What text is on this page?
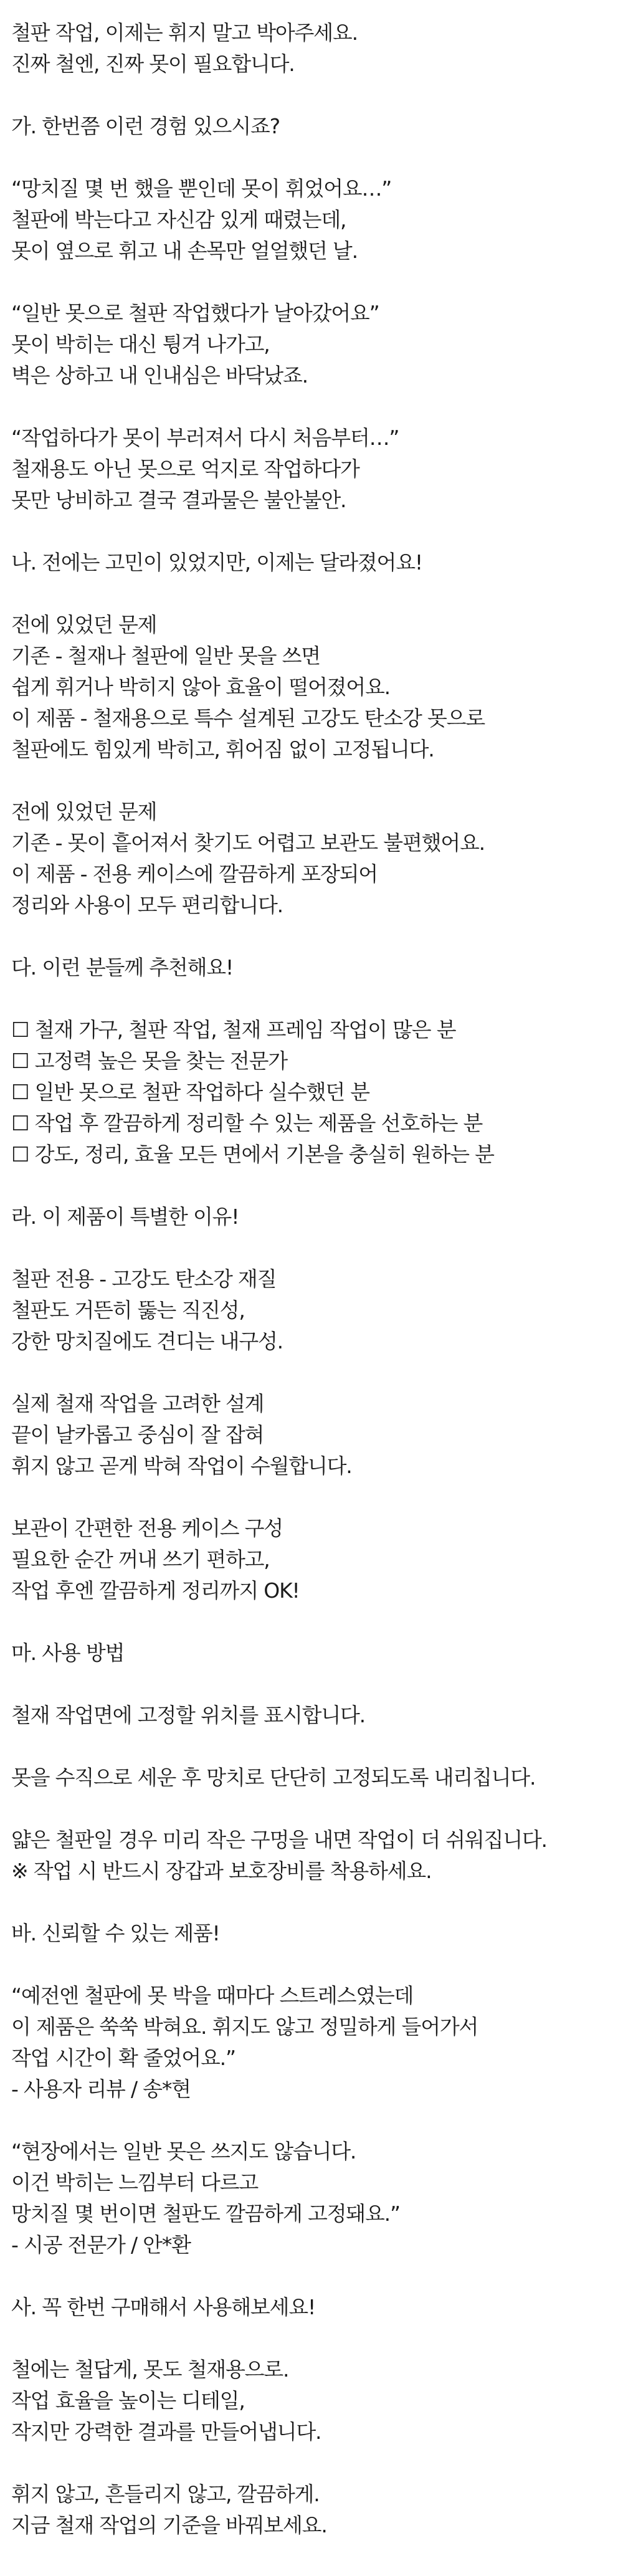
철판 작업, 이제는 휘지 말고 박아주세요.
진짜 철엔, 진짜 못이 필요합니다.
가. 한번쯤 이런 경험 있으시죠?
“망치질 몇 번 했을 뿐인데 못이 휘었어요…”
철판에 박는다고 자신감 있게 때렸는데,
못이 옆으로 휘고 내 손목만 얼얼했던 날.
“일반 못으로 철판 작업했다가 날아갔어요”
못이 박히는 대신 튕겨 나가고,
벽은 상하고 내 인내심은 바닥났죠.
“작업하다가 못이 부러져서 다시 처음부터…”
철재용도 아닌 못으로 억지로 작업하다가
못만 낭비하고 결국 결과물은 불안불안.
나. 전에는 고민이 있었지만, 이제는 달라졌어요!
전에 있었던 문제
기존 - 철재나 철판에 일반 못을 쓰면
쉽게 휘거나 박히지 않아 효율이 떨어졌어요.
이 제품 - 철재용으로 특수 설계된 고강도 탄소강 못으로
철판에도 힘있게 박히고, 휘어짐 없이 고정됩니다.
전에 있었던 문제
기존 - 못이 흩어져서 찾기도 어렵고 보관도 불편했어요.
이 제품 - 전용 케이스에 깔끔하게 포장되어
정리와 사용이 모두 편리합니다.
다. 이런 분들께 추천해요!
☐ 철재 가구, 철판 작업, 철재 프레임 작업이 많은 분
☐ 고정력 높은 못을 찾는 전문가
☐ 일반 못으로 철판 작업하다 실수했던 분
☐ 작업 후 깔끔하게 정리할 수 있는 제품을 선호하는 분
☐ 강도, 정리, 효율 모든 면에서 기본을 충실히 원하는 분
라. 이 제품이 특별한 이유!
철판 전용 - 고강도 탄소강 재질
철판도 거뜬히 뚫는 직진성,
강한 망치질에도 견디는 내구성.
실제 철재 작업을 고려한 설계
끝이 날카롭고 중심이 잘 잡혀
휘지 않고 곧게 박혀 작업이 수월합니다.
보관이 간편한 전용 케이스 구성
필요한 순간 꺼내 쓰기 편하고,
작업 후엔 깔끔하게 정리까지 OK!
마. 사용 방법
철재 작업면에 고정할 위치를 표시합니다.
못을 수직으로 세운 후 망치로 단단히 고정되도록 내리칩니다.
얇은 철판일 경우 미리 작은 구멍을 내면 작업이 더 쉬워집니다.
※ 작업 시 반드시 장갑과 보호장비를 착용하세요.
바. 신뢰할 수 있는 제품!
“예전엔 철판에 못 박을 때마다 스트레스였는데
이 제품은 쑥쑥 박혀요. 휘지도 않고 정밀하게 들어가서
작업 시간이 확 줄었어요.”
- 사용자 리뷰 / 송*현
“현장에서는 일반 못은 쓰지도 않습니다.
이건 박히는 느낌부터 다르고
망치질 몇 번이면 철판도 깔끔하게 고정돼요.”
- 시공 전문가 / 안*환
사. 꼭 한번 구매해서 사용해보세요!
철에는 철답게, 못도 철재용으로.
작업 효율을 높이는 디테일,
작지만 강력한 결과를 만들어냅니다.
휘지 않고, 흔들리지 않고, 깔끔하게.
지금 철재 작업의 기준을 바꿔보세요.
